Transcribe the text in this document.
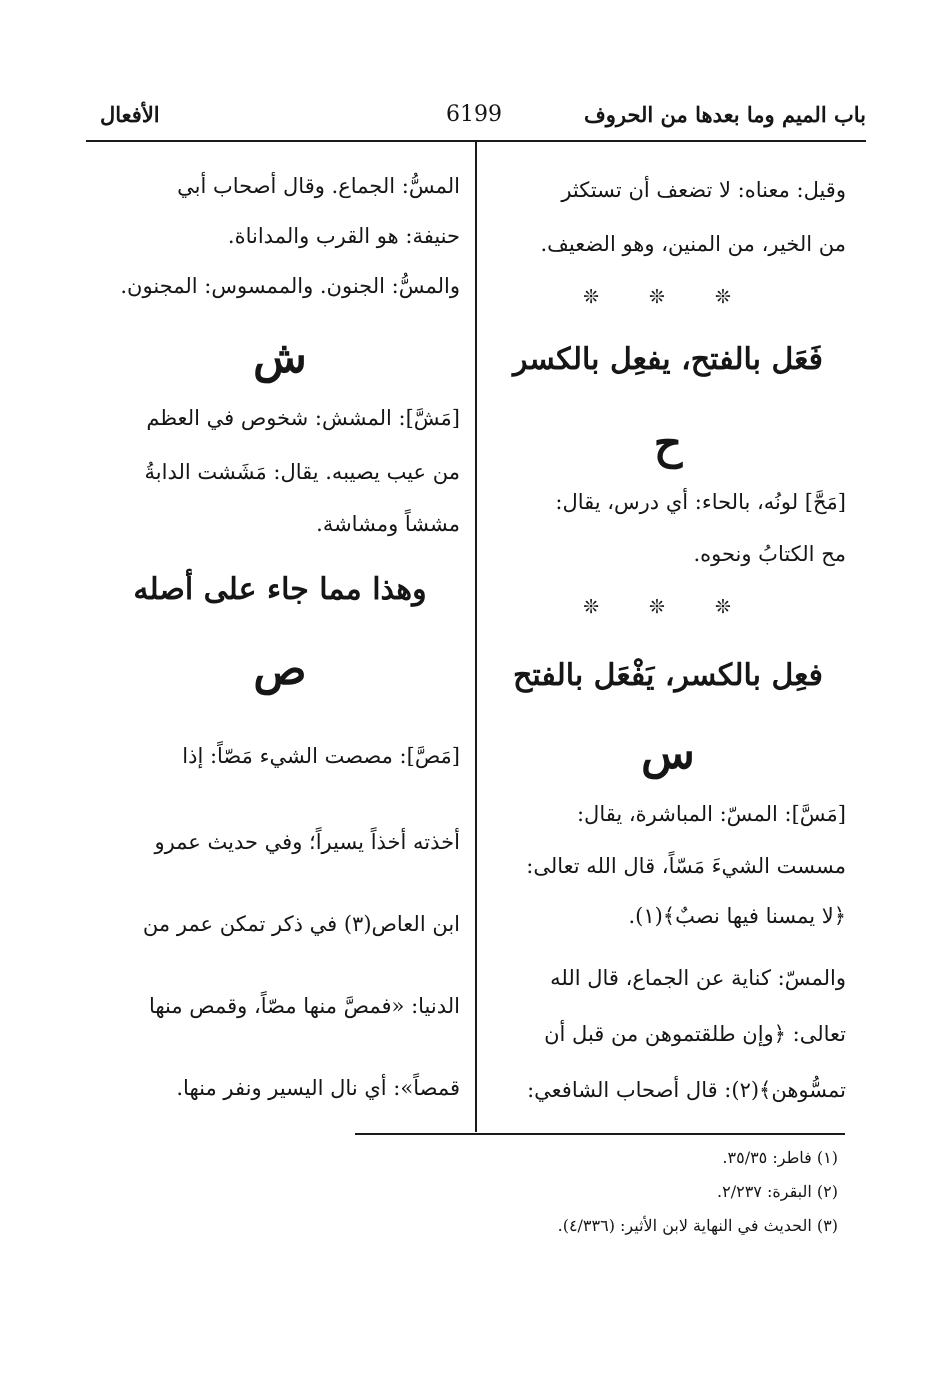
باب الميم وما بعدها من الحروف
6199
الأفعال

وقيل: معناه: لا تضعف أن تستكثر

من الخير، من المنين، وهو الضعيف.

❊ ❊ ❊
فَعَل بالفتح، يفعِل بالكسر
ح

[مَحَّ] لونُه، بالحاء: أي درس، يقال:

مح الكتابُ ونحوه.

❊ ❊ ❊
فعِل بالكسر، يَفْعَل بالفتح
س

[مَسَّ]: المسّ: المباشرة، يقال:

مسست الشيءَ مَسّاً، قال الله تعالى:

﴿لا يمسنا فيها نصبٌ﴾(١).

والمسّ: كناية عن الجماع، قال الله

تعالى: ﴿وإن طلقتموهن من قبل أن

تمسُّوهن﴾(٢): قال أصحاب الشافعي:

المسُّ: الجماع. وقال أصحاب أبي

حنيفة: هو القرب والمداناة.

والمسُّ: الجنون. والممسوس: المجنون.

ش

[مَشَّ]: المشش: شخوص في العظم

من عيب يصيبه. يقال: مَشَشت الدابةُ

مششاً ومشاشة.

وهذا مما جاء على أصله
ص

[مَصَّ]: مصصت الشيء مَصّاً: إذا

أخذته أخذاً يسيراً؛ وفي حديث عمرو

ابن العاص(٣) في ذكر تمكن عمر من

الدنيا: «فمصَّ منها مصّاً، وقمص منها

قمصاً»: أي نال اليسير ونفر منها.

(١) فاطر: ٣٥/٣٥.
(٢) البقرة: ٢/٢٣٧.
(٣) الحديث في النهاية لابن الأثير: (٤/٣٣٦).
